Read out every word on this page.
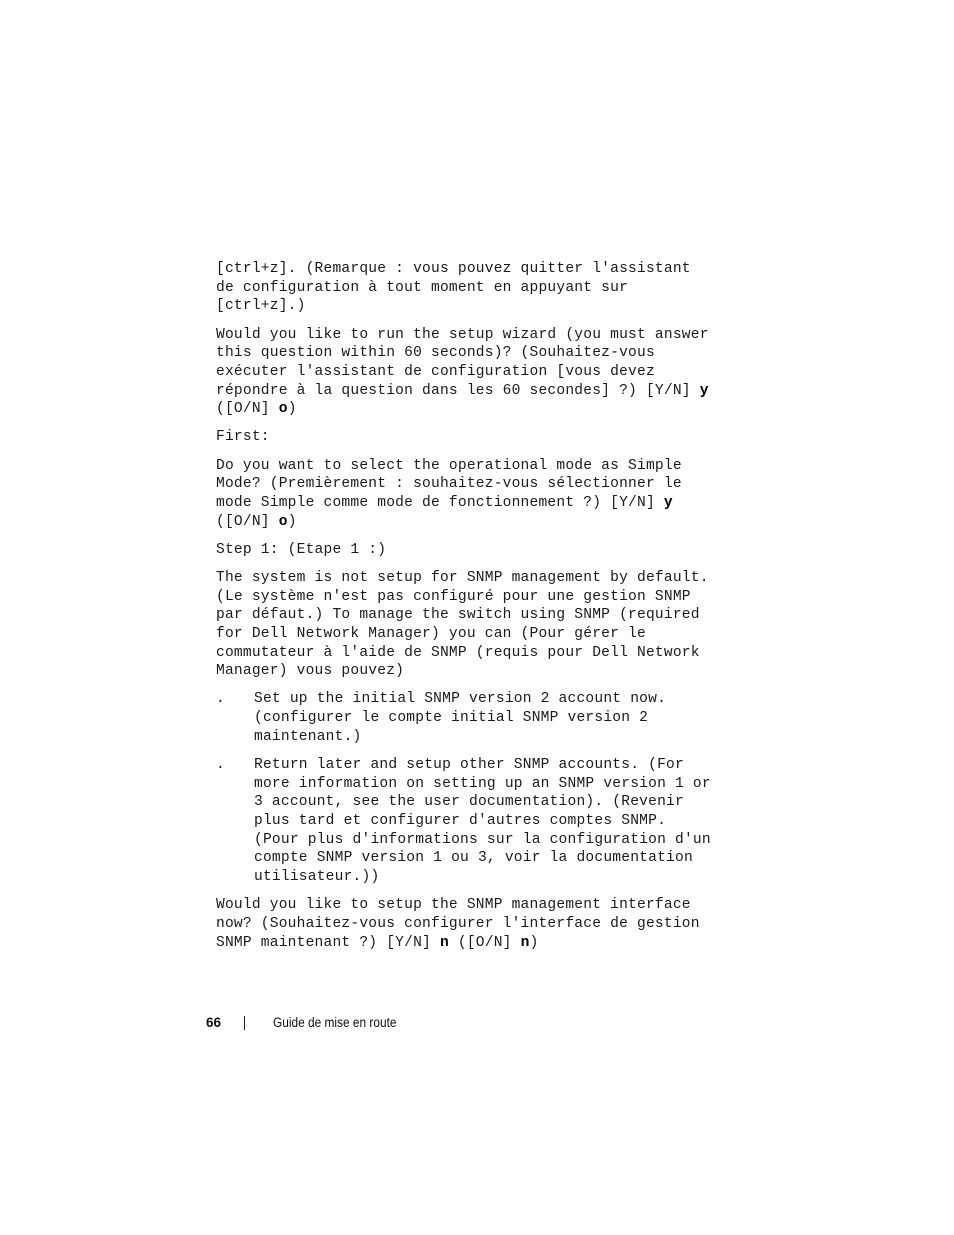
[ctrl+z]. (Remarque : vous pouvez quitter l'assistant de configuration à tout moment en appuyant sur [ctrl+z].)

Would you like to run the setup wizard (you must answer this question within 60 seconds)? (Souhaitez-vous exécuter l'assistant de configuration [vous devez répondre à la question dans les 60 secondes] ?) [Y/N] y ([O/N] o)

First:

Do you want to select the operational mode as Simple Mode? (Premièrement : souhaitez-vous sélectionner le mode Simple comme mode de fonctionnement ?) [Y/N] y ([O/N] o)

Step 1: (Etape 1 :)

The system is not setup for SNMP management by default. (Le système n'est pas configuré pour une gestion SNMP par défaut.) To manage the switch using SNMP (required for Dell Network Manager) you can (Pour gérer le commutateur à l'aide de SNMP (requis pour Dell Network Manager) vous pouvez)

.	Set up the initial SNMP version 2 account now. (configurer le compte initial SNMP version 2 maintenant.)
.	Return later and setup other SNMP accounts. (For more information on setting up an SNMP version 1 or 3 account, see the user documentation). (Revenir plus tard et configurer d'autres comptes SNMP. (Pour plus d'informations sur la configuration d'un compte SNMP version 1 ou 3, voir la documentation utilisateur.))

Would you like to setup the SNMP management interface now? (Souhaitez-vous configurer l'interface de gestion SNMP maintenant ?) [Y/N] n ([O/N] n)

66	Guide de mise en route
